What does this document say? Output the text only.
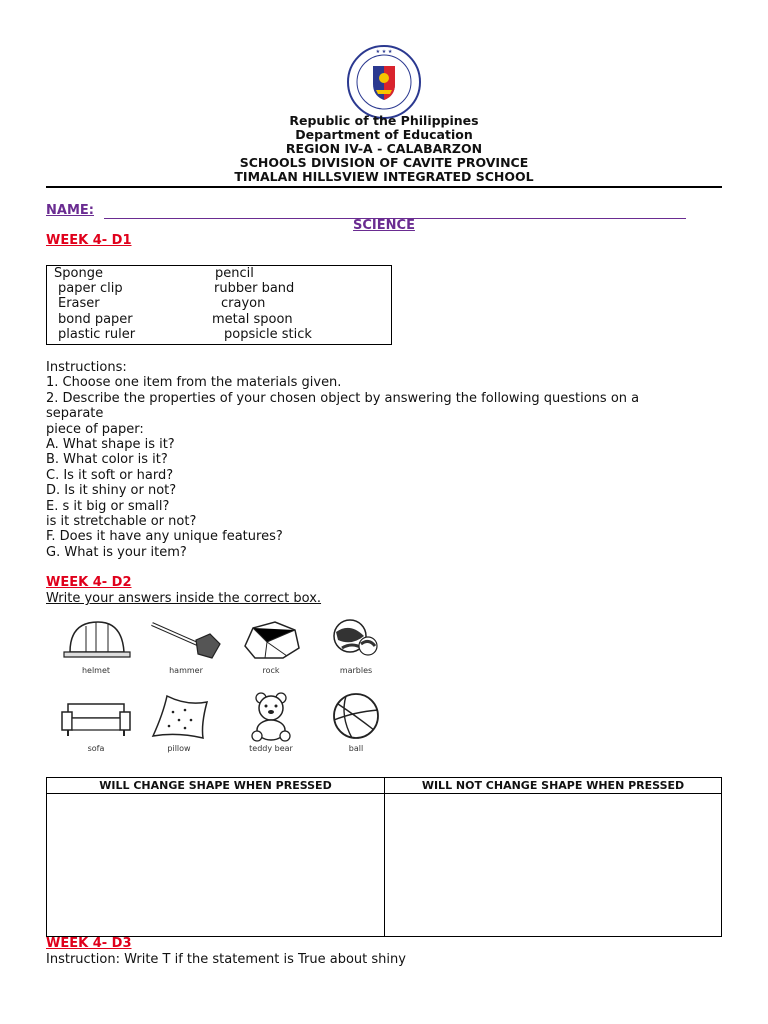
★ ★ ★
Republic of the Philippines
Department of Education
REGION IV-A - CALABARZON
SCHOOLS DIVISION OF CAVITE PROVINCE
TIMALAN HILLSVIEW INTEGRATED SCHOOL
NAME:
SCIENCE
WEEK 4- D1
Sponge	pencil
paper clip	rubber band
Eraser	crayon
bond paper	metal spoon
plastic ruler	popsicle stick
Instructions:
1. Choose one item from the materials given.
2. Describe the properties of your chosen object by answering the following questions on a
separate
piece of paper:
A. What shape is it?
B. What color is it?
C. Is it soft or hard?
D. Is it shiny or not?
E. s it big or small?
is it stretchable or not?
F. Does it have any unique features?
G. What is your item?
WEEK 4- D2
Write your answers inside the correct box.
helmet	hammer	rock	marbles
sofa	pillow	teddy bear	ball
WILL CHANGE SHAPE WHEN PRESSED	WILL NOT CHANGE SHAPE WHEN PRESSED

WEEK 4- D3
Instruction: Write T if the statement is True about shiny
